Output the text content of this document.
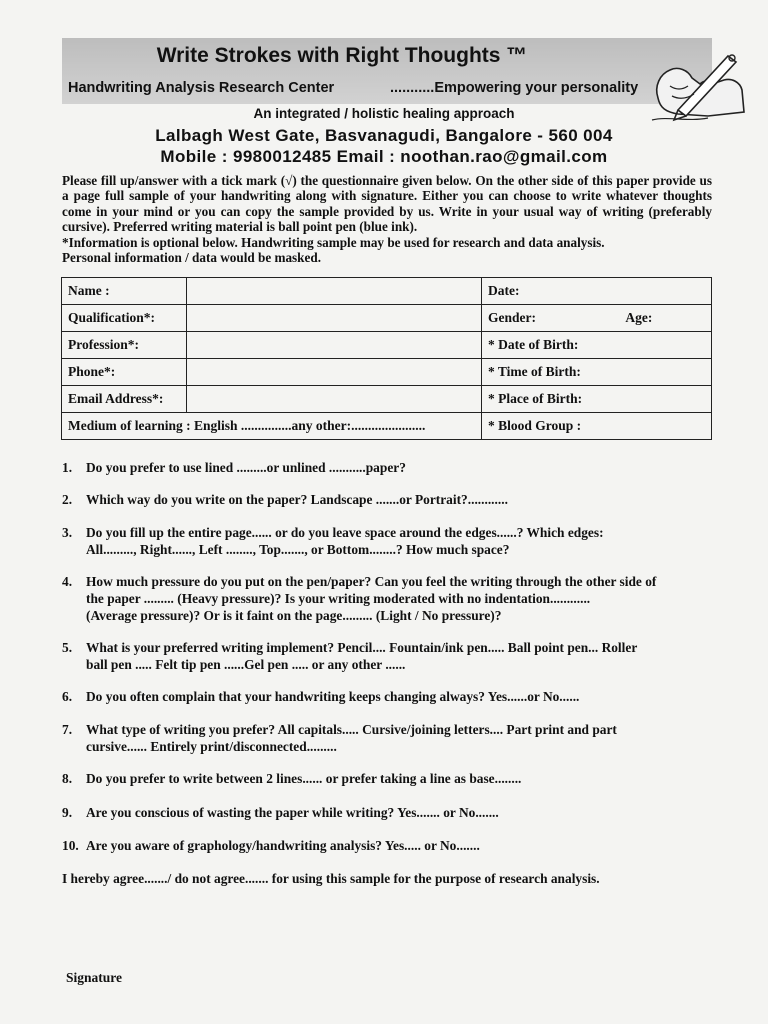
Write Strokes with Right Thoughts ™
Handwriting Analysis Research Center	...........Empowering your personality
An integrated / holistic healing approach
Lalbagh West Gate, Basvanagudi, Bangalore - 560 004
Mobile : 9980012485 Email : noothan.rao@gmail.com

Please fill up/answer with a tick mark (√) the questionnaire given below. On the other side of this paper provide us a page full sample of your handwriting along with signature. Either you can choose to write whatever thoughts come in your mind or you can copy the sample provided by us. Write in your usual way of writing (preferably cursive). Preferred writing material is ball point pen (blue ink).

*Information is optional below. Handwriting sample may be used for research and data analysis.

Personal information / data would be masked.

Name :		Date:
Qualification*:		Gender: Age:
Profession*:		* Date of Birth:
Phone*:		* Time of Birth:
Email Address*:		* Place of Birth:
Medium of learning : English ...............any other:......................		* Blood Group :
1. Do you prefer to use lined .........or unlined ...........paper?
2. Which way do you write on the paper? Landscape .......or Portrait?............
3. Do you fill up the entire page...... or do you leave space around the edges......? Which edges:
All........., Right......, Left ........, Top......., or Bottom........? How much space?
4. How much pressure do you put on the pen/paper? Can you feel the writing through the other side of
the paper ......... (Heavy pressure)? Is your writing moderated with no indentation............
(Average pressure)? Or is it faint on the page......... (Light / No pressure)?
5. What is your preferred writing implement? Pencil.... Fountain/ink pen..... Ball point pen... Roller
ball pen ..... Felt tip pen ......Gel pen ..... or any other ......
6. Do you often complain that your handwriting keeps changing always? Yes......or No......
7. What type of writing you prefer? All capitals..... Cursive/joining letters.... Part print and part
cursive...... Entirely print/disconnected.........
8. Do you prefer to write between 2 lines...... or prefer taking a line as base........
9. Are you conscious of wasting the paper while writing? Yes....... or No.......
10. Are you aware of graphology/handwriting analysis? Yes..... or No.......
I hereby agree......./ do not agree....... for using this sample for the purpose of research analysis.
Signature
